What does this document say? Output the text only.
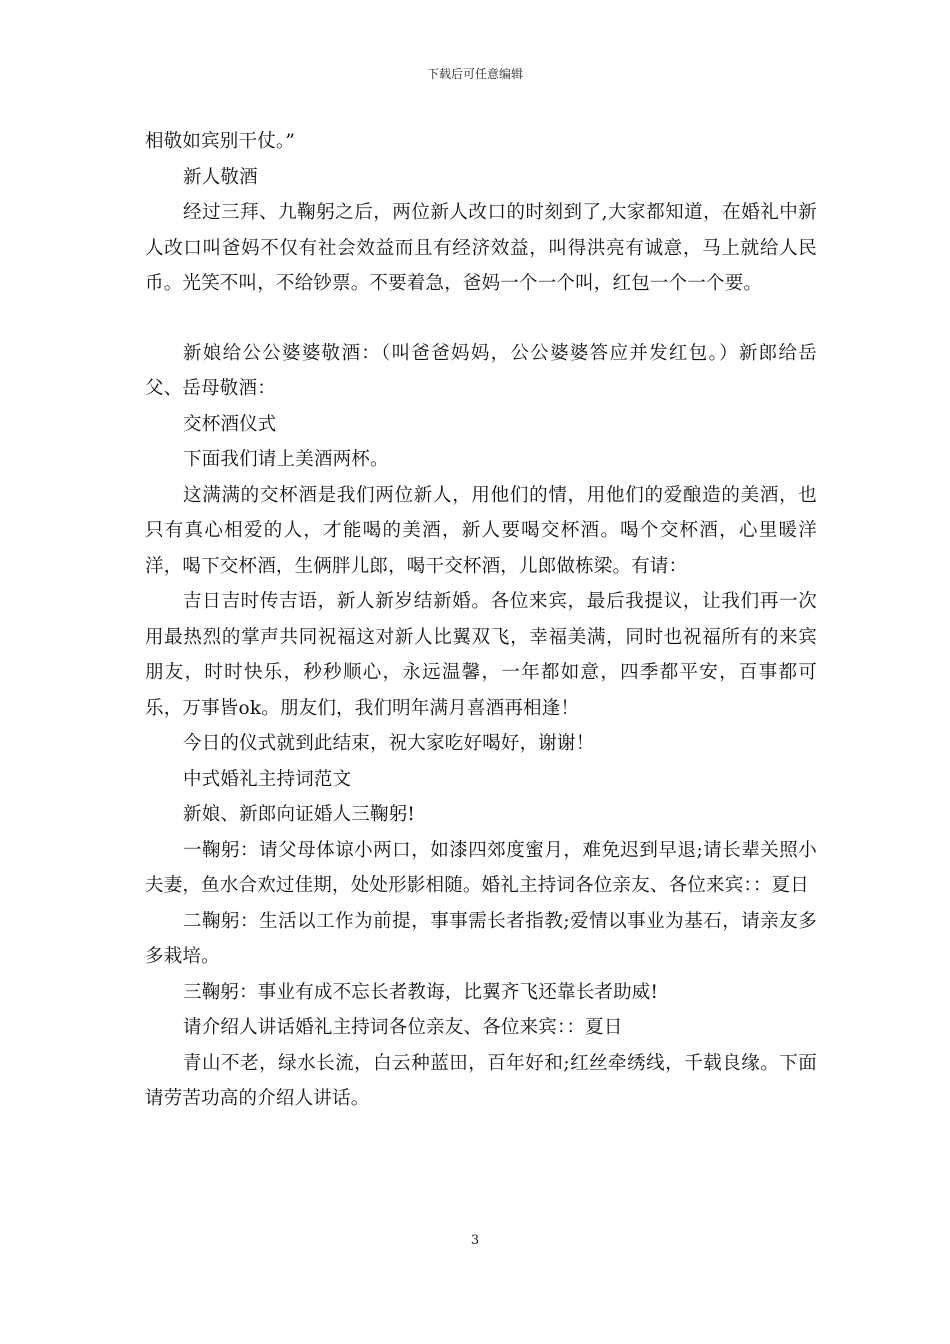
下载后可任意编辑

相敬如宾别干仗。”

新人敬酒

经过三拜、九鞠躬之后，两位新人改口的时刻到了,大家都知道，在婚礼中新人改口叫爸妈不仅有社会效益而且有经济效益，叫得洪亮有诚意，马上就给人民币。光笑不叫，不给钞票。不要着急，爸妈一个一个叫，红包一个一个要。

新娘给公公婆婆敬酒：（叫爸爸妈妈，公公婆婆答应并发红包。）新郎给岳父、岳母敬酒：

交杯酒仪式

下面我们请上美酒两杯。

这满满的交杯酒是我们两位新人，用他们的情，用他们的爱酿造的美酒，也只有真心相爱的人，才能喝的美酒，新人要喝交杯酒。喝个交杯酒，心里暖洋洋，喝下交杯酒，生俩胖儿郎，喝干交杯酒，儿郎做栋梁。有请：

吉日吉时传吉语，新人新岁结新婚。各位来宾，最后我提议，让我们再一次用最热烈的掌声共同祝福这对新人比翼双飞，幸福美满，同时也祝福所有的来宾朋友，时时快乐，秒秒顺心，永远温馨，一年都如意，四季都平安，百事都可乐，万事皆ok。朋友们，我们明年满月喜酒再相逢！

今日的仪式就到此结束，祝大家吃好喝好，谢谢！

中式婚礼主持词范文

新娘、新郎向证婚人三鞠躬!

一鞠躬：请父母体谅小两口，如漆四郊度蜜月，难免迟到早退;请长辈关照小夫妻，鱼水合欢过佳期，处处形影相随。婚礼主持词各位亲友、各位来宾：：夏日

二鞠躬：生活以工作为前提，事事需长者指教;爱情以事业为基石，请亲友多多栽培。

三鞠躬：事业有成不忘长者教诲，比翼齐飞还靠长者助威!

请介绍人讲话婚礼主持词各位亲友、各位来宾：：夏日

青山不老，绿水长流，白云种蓝田，百年好和;红丝牵绣线，千载良缘。下面请劳苦功高的介绍人讲话。

3
